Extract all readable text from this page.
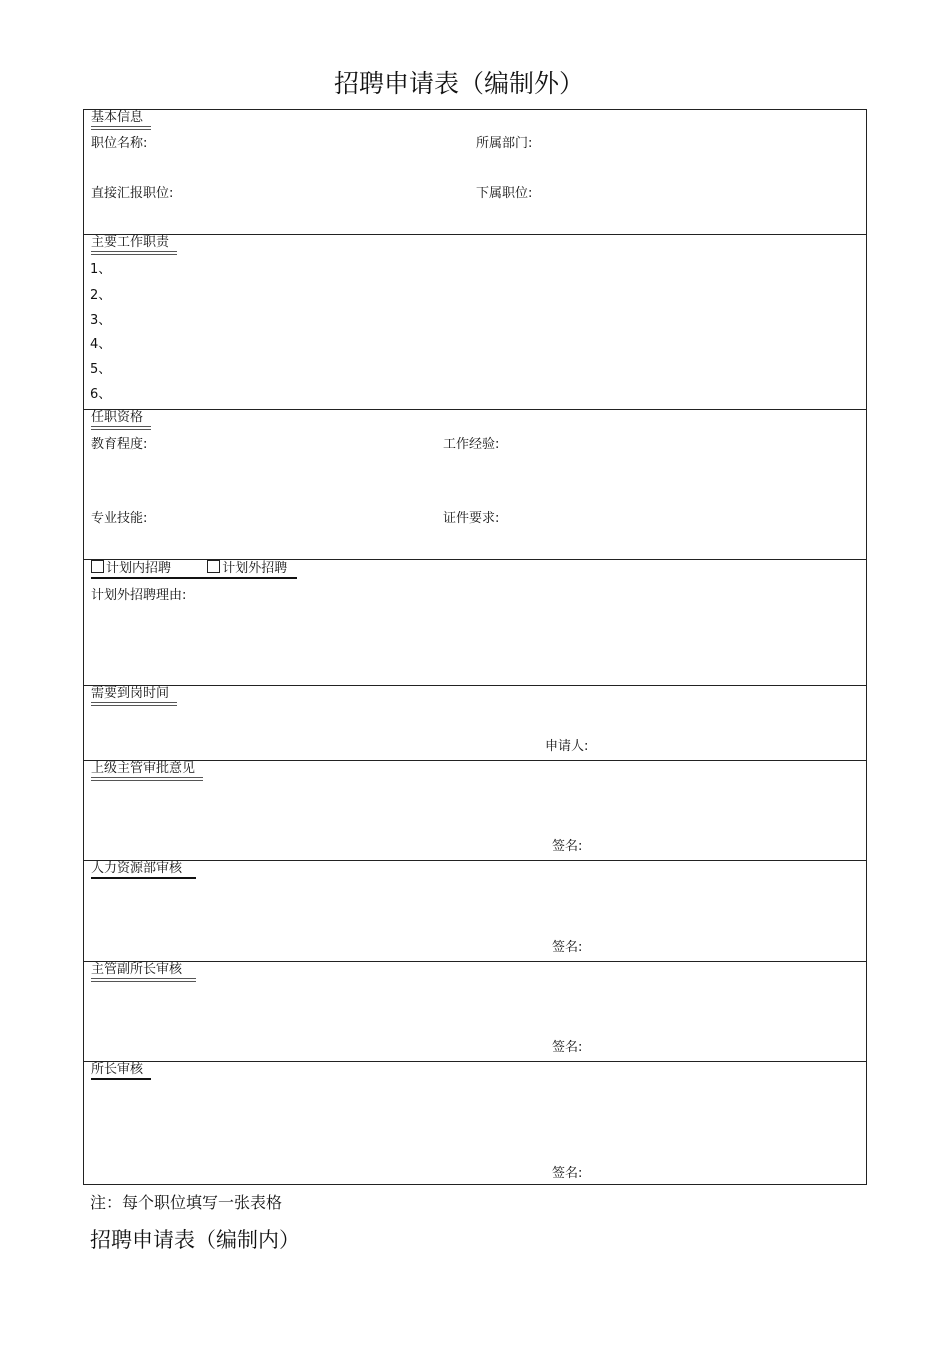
招聘申请表（编制外）
基本信息
职位名称:	所属部门:
直接汇报职位:	下属职位:
主要工作职责
1、
2、
3、
4、
5、
6、
任职资格
教育程度:	工作经验:
专业技能:	证件要求:
计划内招聘	计划外招聘
计划外招聘理由:
需要到岗时间
申请人:
上级主管审批意见
签名:
人力资源部审核
签名:
主管副所长审核
签名:
所长审核
签名:
注：每个职位填写一张表格
招聘申请表（编制内）
